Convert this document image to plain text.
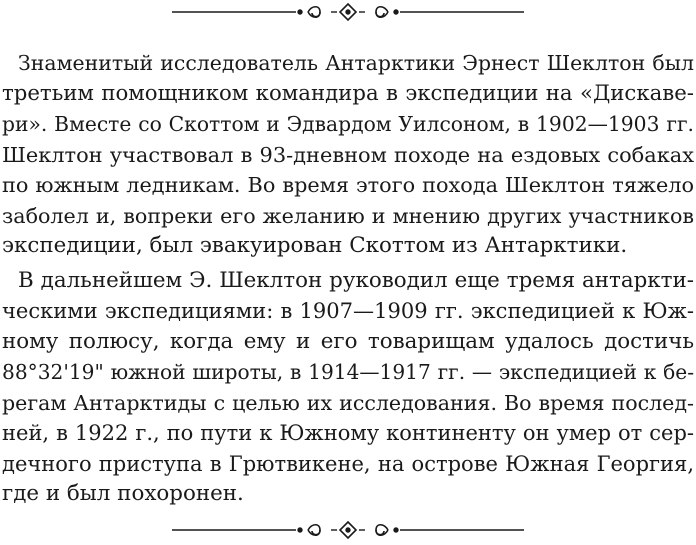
Знаменитый исследователь Антарктики Эрнест Шеклтон был
третьим помощником командира в экспедиции на «Дискаве-
ри». Вместе со Скоттом и Эдвардом Уилсоном, в 1902—1903 гг.
Шеклтон участвовал в 93-дневном походе на ездовых собаках
по южным ледникам. Во время этого похода Шеклтон тяжело
заболел и, вопреки его желанию и мнению других участников
экспедиции, был эвакуирован Скоттом из Антарктики.
В дальнейшем Э. Шеклтон руководил еще тремя антаркти-
ческими экспедициями: в 1907—1909 гг. экспедицией к Юж-
ному полюсу, когда ему и его товарищам удалось достичь
88°32'19" южной широты, в 1914—1917 гг. — экспедицией к бе-
регам Антарктиды с целью их исследования. Во время послед-
ней, в 1922 г., по пути к Южному континенту он умер от сер-
дечного приступа в Грютвикене, на острове Южная Георгия,
где и был похоронен.
